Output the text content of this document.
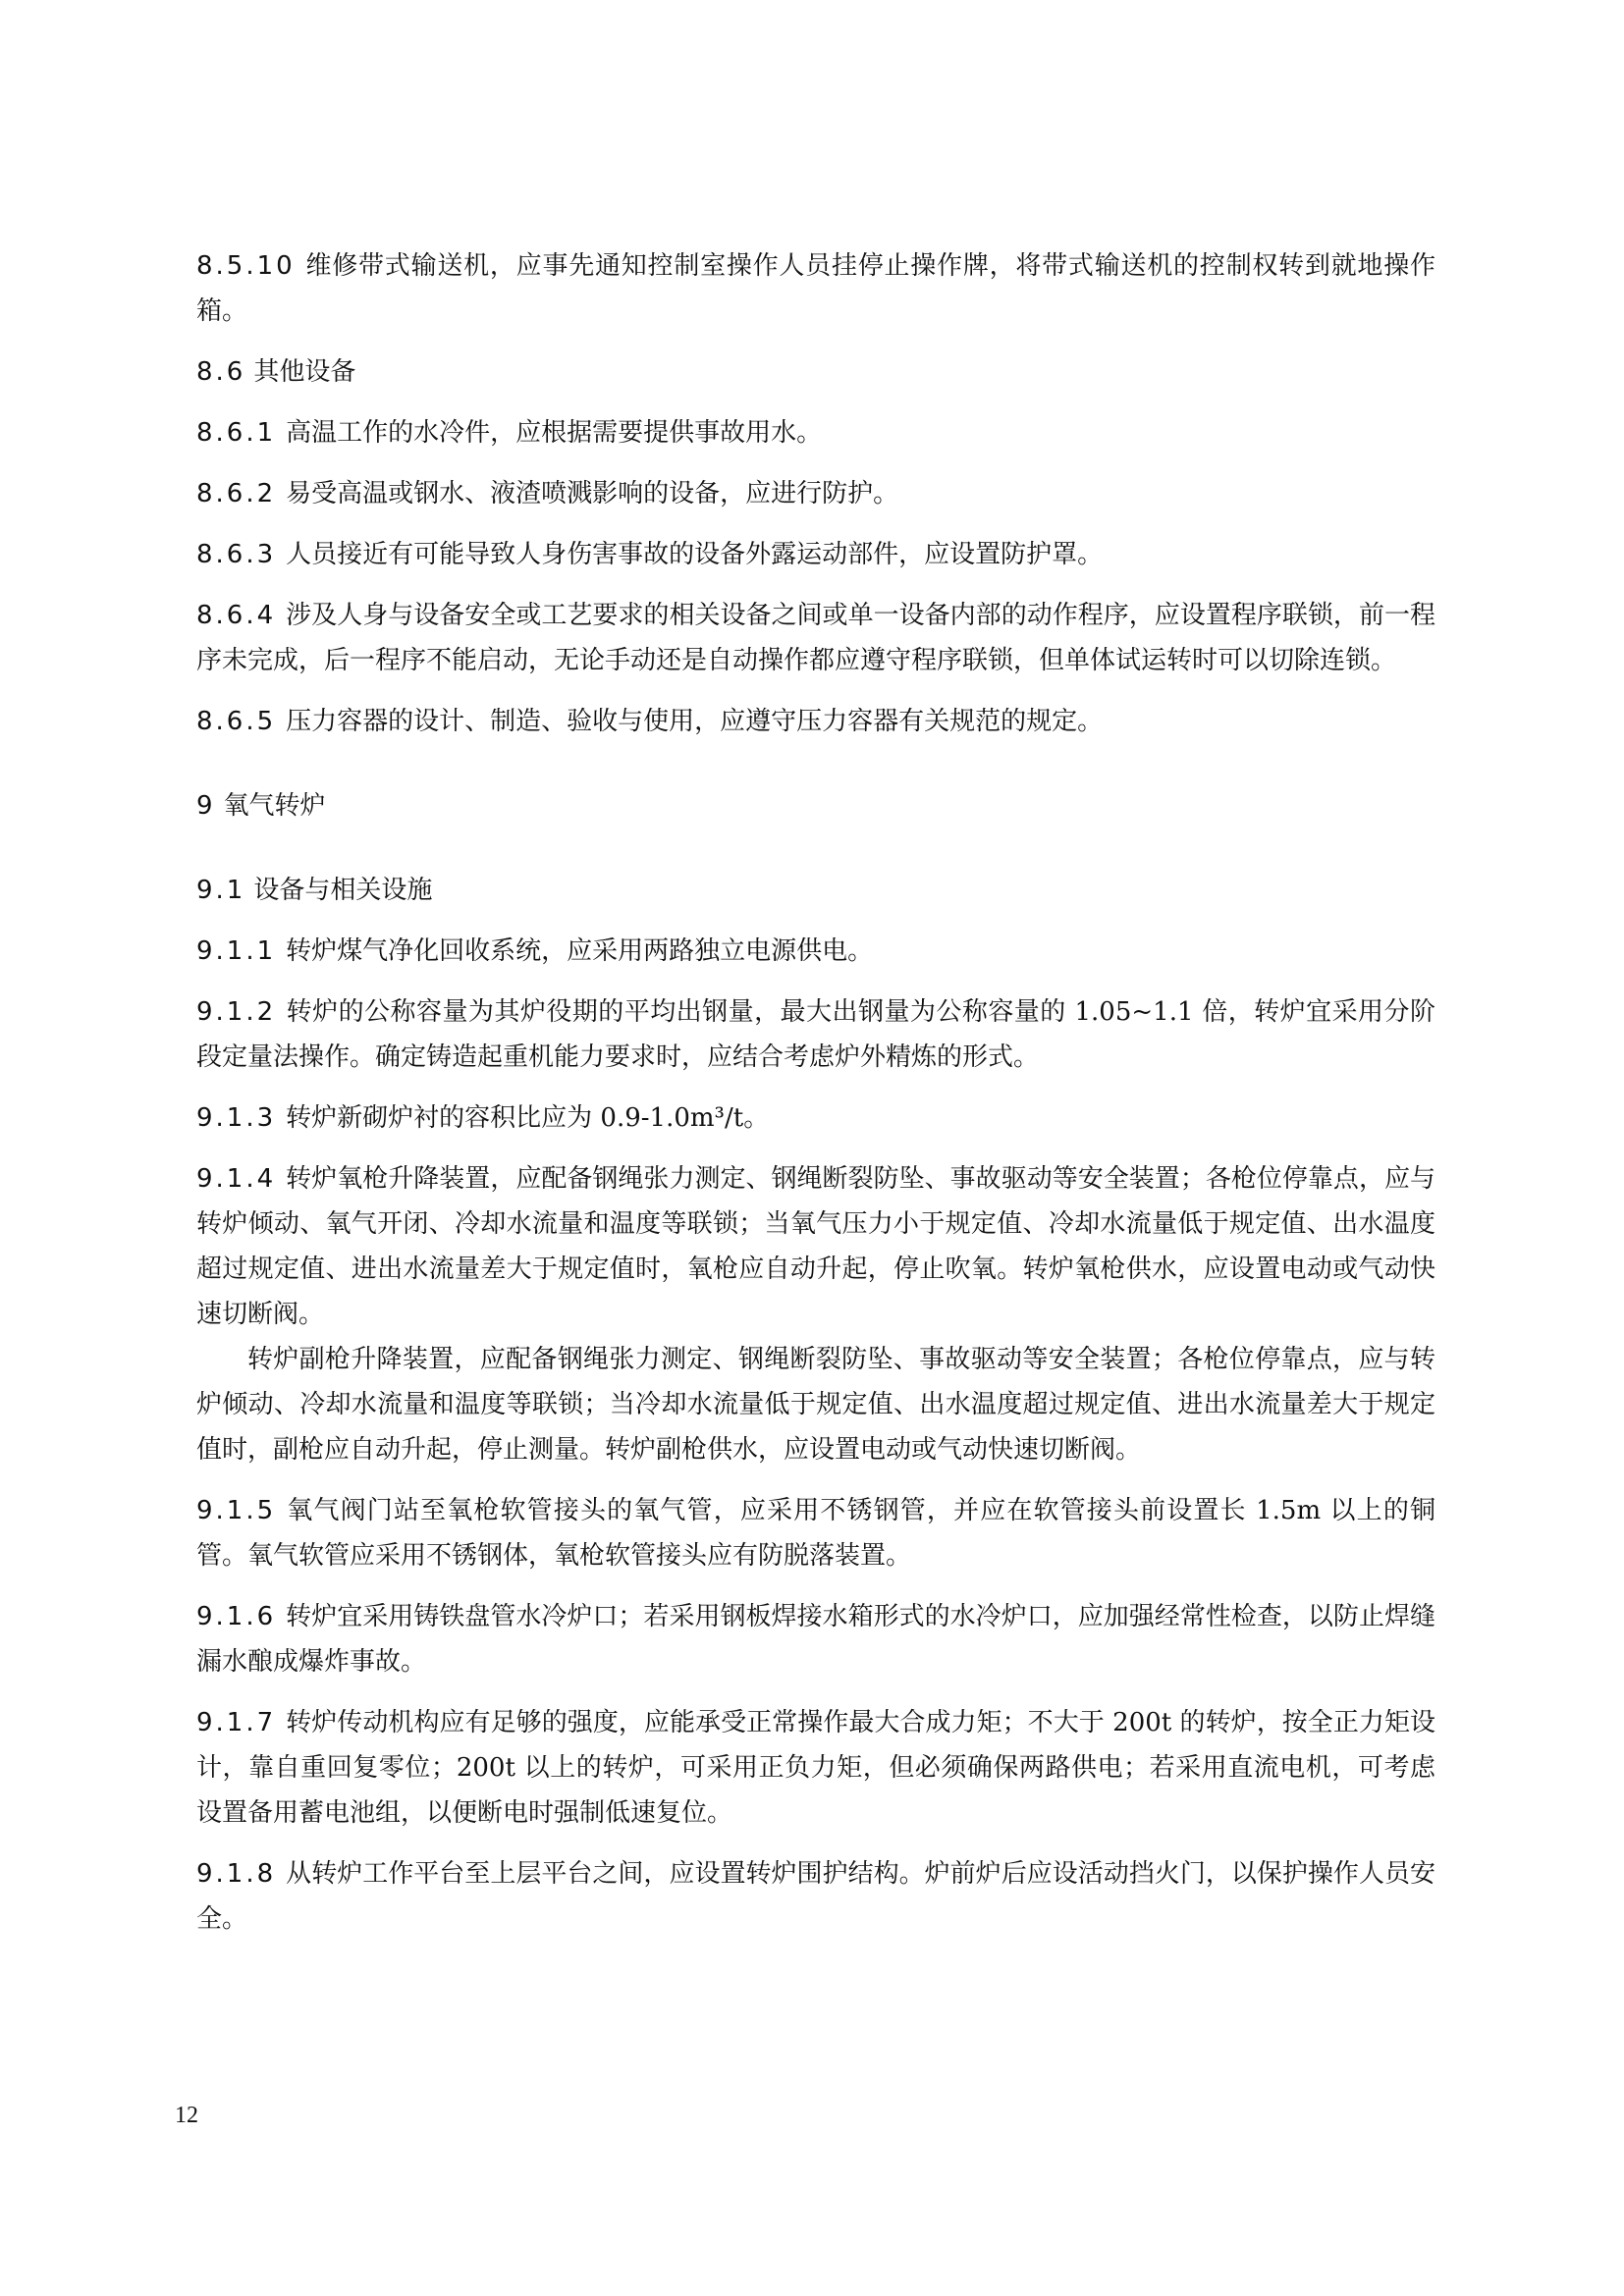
8.5.10 维修带式输送机，应事先通知控制室操作人员挂停止操作牌，将带式输送机的控制权转到就地操作箱。

8.6 其他设备

8.6.1 高温工作的水冷件，应根据需要提供事故用水。

8.6.2 易受高温或钢水、液渣喷溅影响的设备，应进行防护。

8.6.3 人员接近有可能导致人身伤害事故的设备外露运动部件，应设置防护罩。

8.6.4 涉及人身与设备安全或工艺要求的相关设备之间或单一设备内部的动作程序，应设置程序联锁，前一程序未完成，后一程序不能启动，无论手动还是自动操作都应遵守程序联锁，但单体试运转时可以切除连锁。

8.6.5 压力容器的设计、制造、验收与使用，应遵守压力容器有关规范的规定。

9 氧气转炉

9.1 设备与相关设施

9.1.1 转炉煤气净化回收系统，应采用两路独立电源供电。

9.1.2 转炉的公称容量为其炉役期的平均出钢量，最大出钢量为公称容量的 1.05~1.1 倍，转炉宜采用分阶段定量法操作。确定铸造起重机能力要求时，应结合考虑炉外精炼的形式。

9.1.3 转炉新砌炉衬的容积比应为 0.9-1.0m³/t。

9.1.4 转炉氧枪升降装置，应配备钢绳张力测定、钢绳断裂防坠、事故驱动等安全装置；各枪位停靠点，应与转炉倾动、氧气开闭、冷却水流量和温度等联锁；当氧气压力小于规定值、冷却水流量低于规定值、出水温度超过规定值、进出水流量差大于规定值时，氧枪应自动升起，停止吹氧。转炉氧枪供水，应设置电动或气动快速切断阀。

转炉副枪升降装置，应配备钢绳张力测定、钢绳断裂防坠、事故驱动等安全装置；各枪位停靠点，应与转炉倾动、冷却水流量和温度等联锁；当冷却水流量低于规定值、出水温度超过规定值、进出水流量差大于规定值时，副枪应自动升起，停止测量。转炉副枪供水，应设置电动或气动快速切断阀。

9.1.5 氧气阀门站至氧枪软管接头的氧气管，应采用不锈钢管，并应在软管接头前设置长 1.5m 以上的铜管。氧气软管应采用不锈钢体，氧枪软管接头应有防脱落装置。

9.1.6 转炉宜采用铸铁盘管水冷炉口；若采用钢板焊接水箱形式的水冷炉口，应加强经常性检查，以防止焊缝漏水酿成爆炸事故。

9.1.7 转炉传动机构应有足够的强度，应能承受正常操作最大合成力矩；不大于 200t 的转炉，按全正力矩设计，靠自重回复零位；200t 以上的转炉，可采用正负力矩，但必须确保两路供电；若采用直流电机，可考虑设置备用蓄电池组，以便断电时强制低速复位。

9.1.8 从转炉工作平台至上层平台之间，应设置转炉围护结构。炉前炉后应设活动挡火门，以保护操作人员安全。

12
